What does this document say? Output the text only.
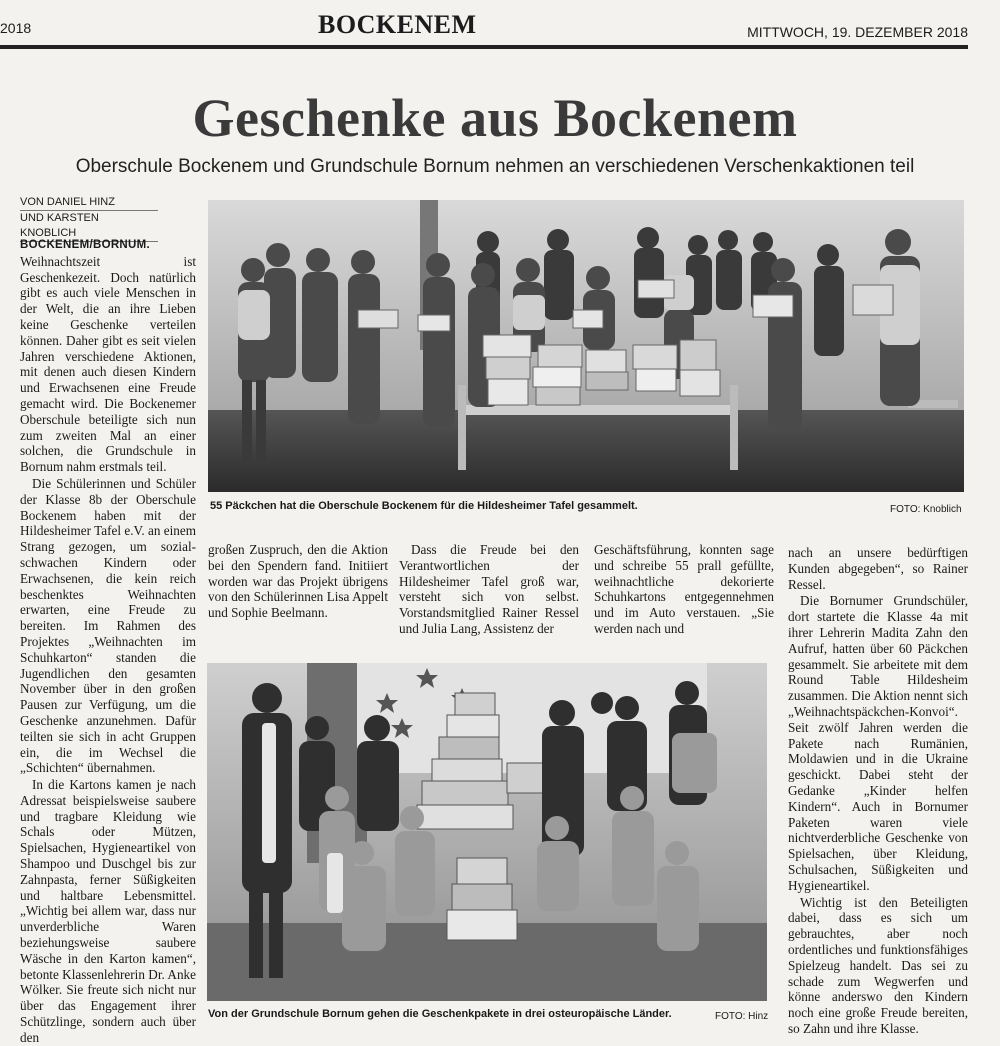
2018	BOCKENEM	MITTWOCH, 19. DEZEMBER 2018
Geschenke aus Bockenem
Oberschule Bockenem und Grundschule Bornum nehmen an verschiedenen Verschenkaktionen teil
VON DANIEL HINZ
UND KARSTEN KNOBLICH

BOCKENEM/BORNUM. Weihnachtszeit ist Geschenkezeit. Doch natürlich gibt es auch viele Menschen in der Welt, die an ihre Lieben keine Geschenke verteilen können. Daher gibt es seit vielen Jahren verschiedene Aktionen, mit denen auch diesen Kindern und Erwachsenen eine Freude gemacht wird. Die Bockenemer Oberschule beteiligte sich nun zum zweiten Mal an einer solchen, die Grundschule in Bornum nahm erstmals teil.

Die Schülerinnen und Schüler der Klasse 8b der Oberschule Bockenem haben mit der Hildesheimer Tafel e.V. an einem Strang gezogen, um sozial-schwachen Kindern oder Erwachsenen, die kein reich beschenktes Weihnachten erwarten, eine Freude zu bereiten. Im Rahmen des Projektes „Weihnachten im Schuhkarton“ standen die Jugendlichen den gesamten November über in den großen Pausen zur Verfügung, um die Geschenke anzunehmen. Dafür teilten sie sich in acht Gruppen ein, die im Wechsel die „Schichten“ übernahmen.

In die Kartons kamen je nach Adressat beispielsweise saubere und tragbare Kleidung wie Schals oder Mützen, Spielsachen, Hygieneartikel von Shampoo und Duschgel bis zur Zahnpasta, ferner Süßigkeiten und haltbare Lebensmittel. „Wichtig bei allem war, dass nur unverderbliche Waren beziehungsweise saubere Wäsche in den Karton kamen“, betonte Klassenlehrerin Dr. Anke Wölker. Sie freute sich nicht nur über das Engagement ihrer Schützlinge, sondern auch über den

55 Päckchen hat die Oberschule Bockenem für die Hildesheimer Tafel gesammelt.	FOTO: Knoblich

großen Zuspruch, den die Aktion bei den Spendern fand. Initiiert worden war das Projekt übrigens von den Schülerinnen Lisa Appelt und Sophie Beelmann.

Dass die Freude bei den Verantwortlichen der Hildesheimer Tafel groß war, versteht sich von selbst. Vorstandsmitglied Rainer Ressel und Julia Lang, Assistenz der

Geschäftsführung, konnten sage und schreibe 55 prall gefüllte, weihnachtliche dekorierte Schuhkartons entgegennehmen und im Auto verstauen. „Sie werden nach und

nach an unsere bedürftigen Kunden abgegeben“, so Rainer Ressel.

Die Bornumer Grundschüler, dort startete die Klasse 4a mit ihrer Lehrerin Madita Zahn den Aufruf, hatten über 60 Päckchen gesammelt. Sie arbeitete mit dem Round Table Hildesheim zusammen. Die Aktion nennt sich „Weihnachtspäckchen-Konvoi“. Seit zwölf Jahren werden die Pakete nach Rumänien, Moldawien und in die Ukraine geschickt. Dabei steht der Gedanke „Kinder helfen Kindern“. Auch in Bornumer Paketen waren viele nichtverderbliche Geschenke von Spielsachen, über Kleidung, Schulsachen, Süßigkeiten und Hygieneartikel.

Wichtig ist den Beteiligten dabei, dass es sich um gebrauchtes, aber noch ordentliches und funktionsfähiges Spielzeug handelt. Das sei zu schade zum Wegwerfen und könne anderswo den Kindern noch eine große Freude bereiten, so Zahn und ihre Klasse.

Von der Grundschule Bornum gehen die Geschenkpakete in drei osteuropäische Länder.	FOTO: Hinz
